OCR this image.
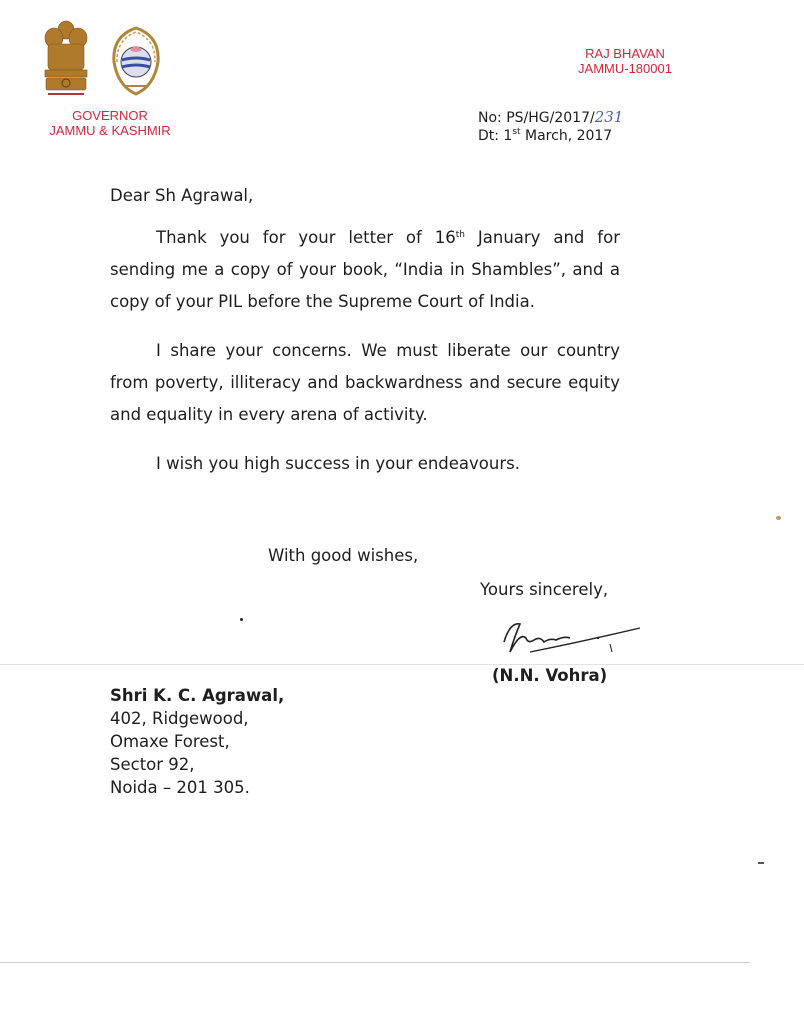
GOVERNOR
JAMMU & KASHMIR
RAJ BHAVAN
JAMMU-180001
No: PS/HG/2017/231
Dt: 1st March, 2017
Dear Sh Agrawal,
Thank you for your letter of 16th January and for sending me a copy of your book, “India in Shambles”, and a copy of your PIL before the Supreme Court of India.
I share your concerns. We must liberate our country from poverty, illiteracy and backwardness and secure equity and equality in every arena of activity.
I wish you high success in your endeavours.
With good wishes,
Yours sincerely,
(N.N. Vohra)
Shri K. C. Agrawal,
402, Ridgewood,
Omaxe Forest,
Sector 92,
Noida – 201 305.
